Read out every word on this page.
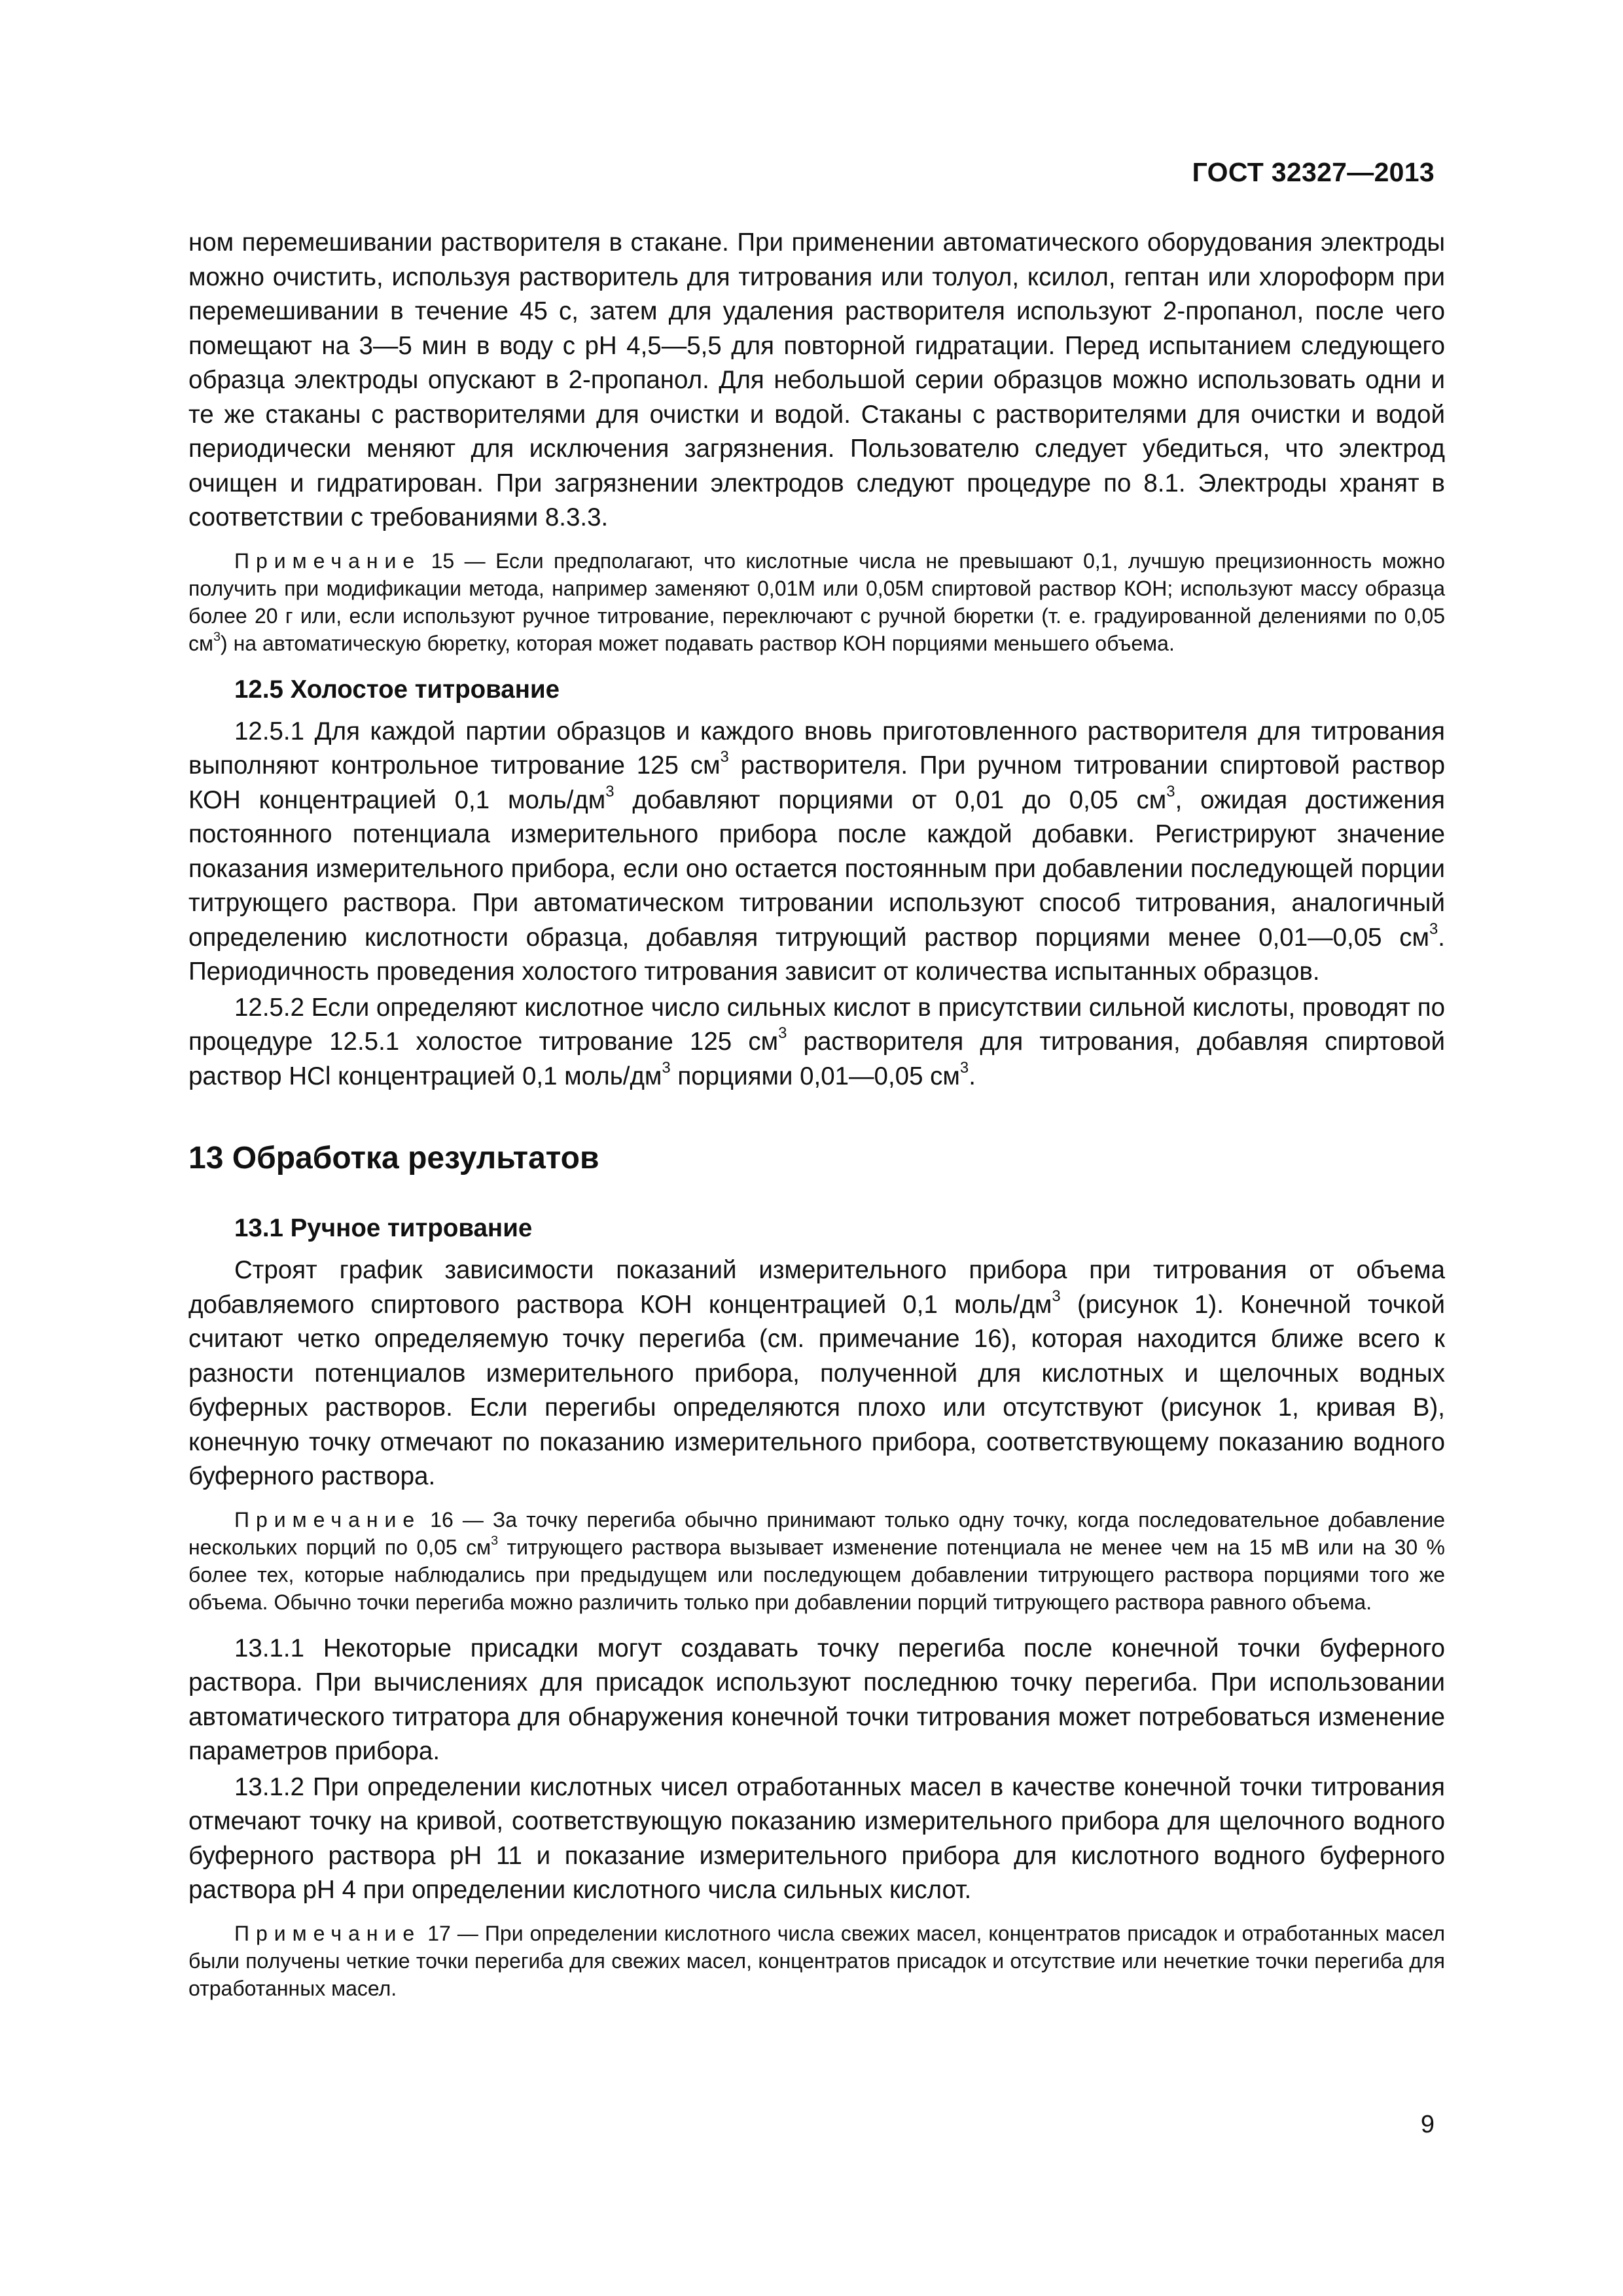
ГОСТ 32327—2013

ном перемешивании растворителя в стакане. При применении автоматического оборудования электроды можно очистить, используя растворитель для титрования или толуол, ксилол, гептан или хлороформ при перемешивании в течение 45 с, затем для удаления растворителя используют 2-пропанол, после чего помещают на 3—5 мин в воду с pH 4,5—5,5 для повторной гидратации. Перед испытанием следующего образца электроды опускают в 2-пропанол. Для небольшой серии образцов можно использовать одни и те же стаканы с растворителями для очистки и водой. Стаканы с растворителями для очистки и водой периодически меняют для исключения загрязнения. Пользователю следует убедиться, что электрод очищен и гидратирован. При загрязнении электродов следуют процедуре по 8.1. Электроды хранят в соответствии с требованиями 8.3.3.

Примечание 15 — Если предполагают, что кислотные числа не превышают 0,1, лучшую прецизионность можно получить при модификации метода, например заменяют 0,01М или 0,05М спиртовой раствор КОН; используют массу образца более 20 г или, если используют ручное титрование, переключают с ручной бюретки (т. е. градуированной делениями по 0,05 $см^3$) на автоматическую бюретку, которая может подавать раствор КОН порциями меньшего объема.

12.5 Холостое титрование

12.5.1 Для каждой партии образцов и каждого вновь приготовленного растворителя для титрования выполняют контрольное титрование 125 $см^3$ растворителя. При ручном титровании спиртовой раствор КОН концентрацией 0,1 моль/$дм^3$ добавляют порциями от 0,01 до 0,05 $см^3$, ожидая достижения постоянного потенциала измерительного прибора после каждой добавки. Регистрируют значение показания измерительного прибора, если оно остается постоянным при добавлении последующей порции титрующего раствора. При автоматическом титровании используют способ титрования, аналогичный определению кислотности образца, добавляя титрующий раствор порциями менее 0,01—0,05 $см^3$. Периодичность проведения холостого титрования зависит от количества испытанных образцов.

12.5.2 Если определяют кислотное число сильных кислот в присутствии сильной кислоты, проводят по процедуре 12.5.1 холостое титрование 125 $см^3$ растворителя для титрования, добавляя спиртовой раствор HCl концентрацией 0,1 моль/$дм^3$ порциями 0,01—0,05 $см^3$.

13 Обработка результатов
13.1 Ручное титрование

Строят график зависимости показаний измерительного прибора при титрования от объема добавляемого спиртового раствора КОН концентрацией 0,1 моль/$дм^3$ (рисунок 1). Конечной точкой считают четко определяемую точку перегиба (см. примечание 16), которая находится ближе всего к разности потенциалов измерительного прибора, полученной для кислотных и щелочных водных буферных растворов. Если перегибы определяются плохо или отсутствуют (рисунок 1, кривая В), конечную точку отмечают по показанию измерительного прибора, соответствующему показанию водного буферного раствора.

Примечание 16 — За точку перегиба обычно принимают только одну точку, когда последовательное добавление нескольких порций по 0,05 $см^3$ титрующего раствора вызывает изменение потенциала не менее чем на 15 мВ или на 30 % более тех, которые наблюдались при предыдущем или последующем добавлении титрующего раствора порциями того же объема. Обычно точки перегиба можно различить только при добавлении порций титрующего раствора равного объема.

13.1.1 Некоторые присадки могут создавать точку перегиба после конечной точки буферного раствора. При вычислениях для присадок используют последнюю точку перегиба. При использовании автоматического титратора для обнаружения конечной точки титрования может потребоваться изменение параметров прибора.

13.1.2 При определении кислотных чисел отработанных масел в качестве конечной точки титрования отмечают точку на кривой, соответствующую показанию измерительного прибора для щелочного водного буферного раствора pH 11 и показание измерительного прибора для кислотного водного буферного раствора pH 4 при определении кислотного числа сильных кислот.

Примечание 17 — При определении кислотного числа свежих масел, концентратов присадок и отработанных масел были получены четкие точки перегиба для свежих масел, концентратов присадок и отсутствие или нечеткие точки перегиба для отработанных масел.

9
